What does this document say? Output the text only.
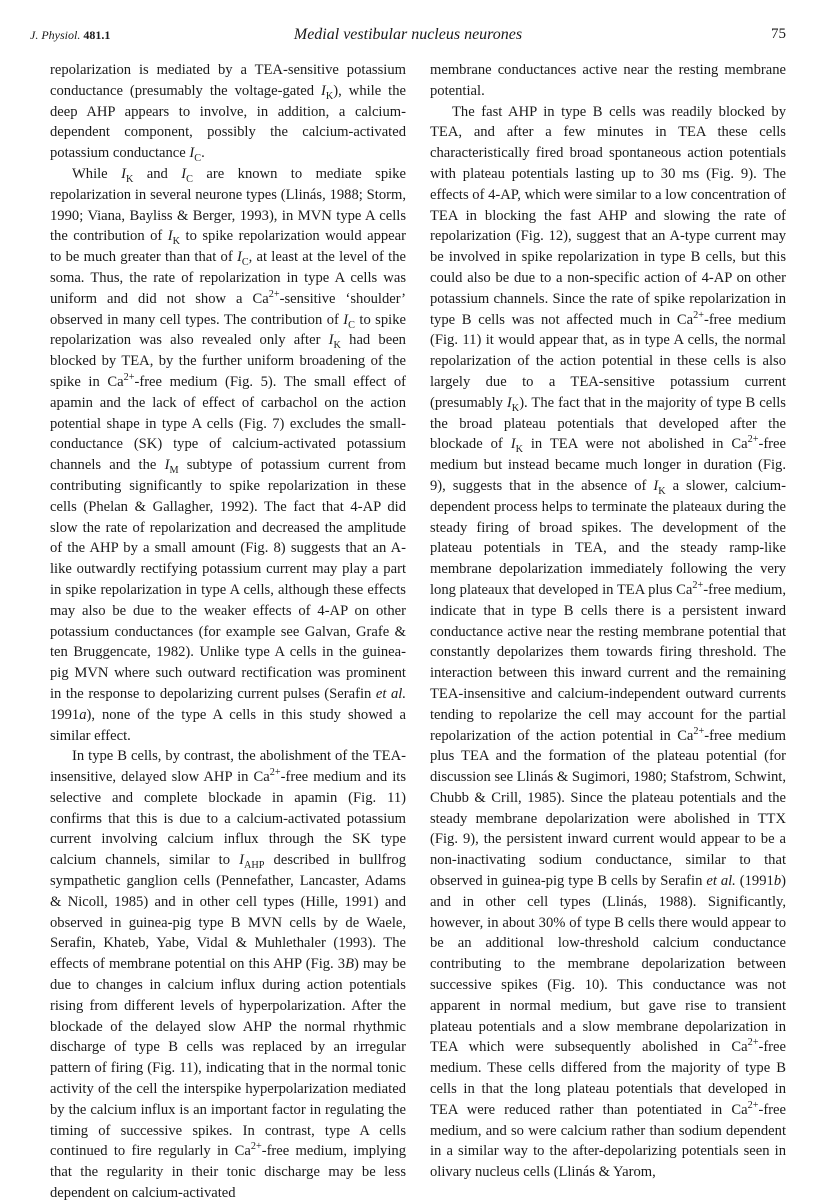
J. Physiol. 481.1	Medial vestibular nucleus neurones	75

repolarization is mediated by a TEA-sensitive potassium conductance (presumably the voltage-gated $I_K$), while the deep AHP appears to involve, in addition, a calcium-dependent component, possibly the calcium-activated potassium conductance $I_C$.

While $I_K$ and $I_C$ are known to mediate spike repolarization in several neurone types (Llinás, 1988; Storm, 1990; Viana, Bayliss & Berger, 1993), in MVN type A cells the contribution of $I_K$ to spike repolarization would appear to be much greater than that of $I_C$, at least at the level of the soma. Thus, the rate of repolarization in type A cells was uniform and did not show a $Ca^{2+}$-sensitive ‘shoulder’ observed in many cell types. The contribution of $I_C$ to spike repolarization was also revealed only after $I_K$ had been blocked by TEA, by the further uniform broadening of the spike in $Ca^{2+}$-free medium (Fig. 5). The small effect of apamin and the lack of effect of carbachol on the action potential shape in type A cells (Fig. 7) excludes the small-conductance (SK) type of calcium-activated potassium channels and the $I_M$ subtype of potassium current from contributing significantly to spike repolarization in these cells (Phelan & Gallagher, 1992). The fact that 4-AP did slow the rate of repolarization and decreased the amplitude of the AHP by a small amount (Fig. 8) suggests that an A-like outwardly rectifying potassium current may play a part in spike repolarization in type A cells, although these effects may also be due to the weaker effects of 4-AP on other potassium conductances (for example see Galvan, Grafe & ten Bruggencate, 1982). Unlike type A cells in the guinea-pig MVN where such outward rectification was prominent in the response to depolarizing current pulses (Serafin et al. 1991a), none of the type A cells in this study showed a similar effect.

In type B cells, by contrast, the abolishment of the TEA-insensitive, delayed slow AHP in $Ca^{2+}$-free medium and its selective and complete blockade in apamin (Fig. 11) confirms that this is due to a calcium-activated potassium current involving calcium influx through the SK type calcium channels, similar to $I_{AHP}$ described in bullfrog sympathetic ganglion cells (Pennefather, Lancaster, Adams & Nicoll, 1985) and in other cell types (Hille, 1991) and observed in guinea-pig type B MVN cells by de Waele, Serafin, Khateb, Yabe, Vidal & Muhlethaler (1993). The effects of membrane potential on this AHP (Fig. 3B) may be due to changes in calcium influx during action potentials rising from different levels of hyperpolarization. After the blockade of the delayed slow AHP the normal rhythmic discharge of type B cells was replaced by an irregular pattern of firing (Fig. 11), indicating that in the normal tonic activity of the cell the interspike hyperpolarization mediated by the calcium influx is an important factor in regulating the timing of successive spikes. In contrast, type A cells continued to fire regularly in $Ca^{2+}$-free medium, implying that the regularity in their tonic discharge may be less dependent on calcium-activated

membrane conductances active near the resting membrane potential.

The fast AHP in type B cells was readily blocked by TEA, and after a few minutes in TEA these cells characteristically fired broad spontaneous action potentials with plateau potentials lasting up to 30 ms (Fig. 9). The effects of 4-AP, which were similar to a low concentration of TEA in blocking the fast AHP and slowing the rate of repolarization (Fig. 12), suggest that an A-type current may be involved in spike repolarization in type B cells, but this could also be due to a non-specific action of 4-AP on other potassium channels. Since the rate of spike repolarization in type B cells was not affected much in $Ca^{2+}$-free medium (Fig. 11) it would appear that, as in type A cells, the normal repolarization of the action potential in these cells is also largely due to a TEA-sensitive potassium current (presumably $I_K$). The fact that in the majority of type B cells the broad plateau potentials that developed after the blockade of $I_K$ in TEA were not abolished in $Ca^{2+}$-free medium but instead became much longer in duration (Fig. 9), suggests that in the absence of $I_K$ a slower, calcium-dependent process helps to terminate the plateaux during the steady firing of broad spikes. The development of the plateau potentials in TEA, and the steady ramp-like membrane depolarization immediately following the very long plateaux that developed in TEA plus $Ca^{2+}$-free medium, indicate that in type B cells there is a persistent inward conductance active near the resting membrane potential that constantly depolarizes them towards firing threshold. The interaction between this inward current and the remaining TEA-insensitive and calcium-independent outward currents tending to repolarize the cell may account for the partial repolarization of the action potential in $Ca^{2+}$-free medium plus TEA and the formation of the plateau potential (for discussion see Llinás & Sugimori, 1980; Stafstrom, Schwint, Chubb & Crill, 1985). Since the plateau potentials and the steady membrane depolarization were abolished in TTX (Fig. 9), the persistent inward current would appear to be a non-inactivating sodium conductance, similar to that observed in guinea-pig type B cells by Serafin et al. (1991b) and in other cell types (Llinás, 1988). Significantly, however, in about 30% of type B cells there would appear to be an additional low-threshold calcium conductance contributing to the membrane depolarization between successive spikes (Fig. 10). This conductance was not apparent in normal medium, but gave rise to transient plateau potentials and a slow membrane depolarization in TEA which were subsequently abolished in $Ca^{2+}$-free medium. These cells differed from the majority of type B cells in that the long plateau potentials that developed in TEA were reduced rather than potentiated in $Ca^{2+}$-free medium, and so were calcium rather than sodium dependent in a similar way to the after-depolarizing potentials seen in olivary nucleus cells (Llinás & Yarom,
